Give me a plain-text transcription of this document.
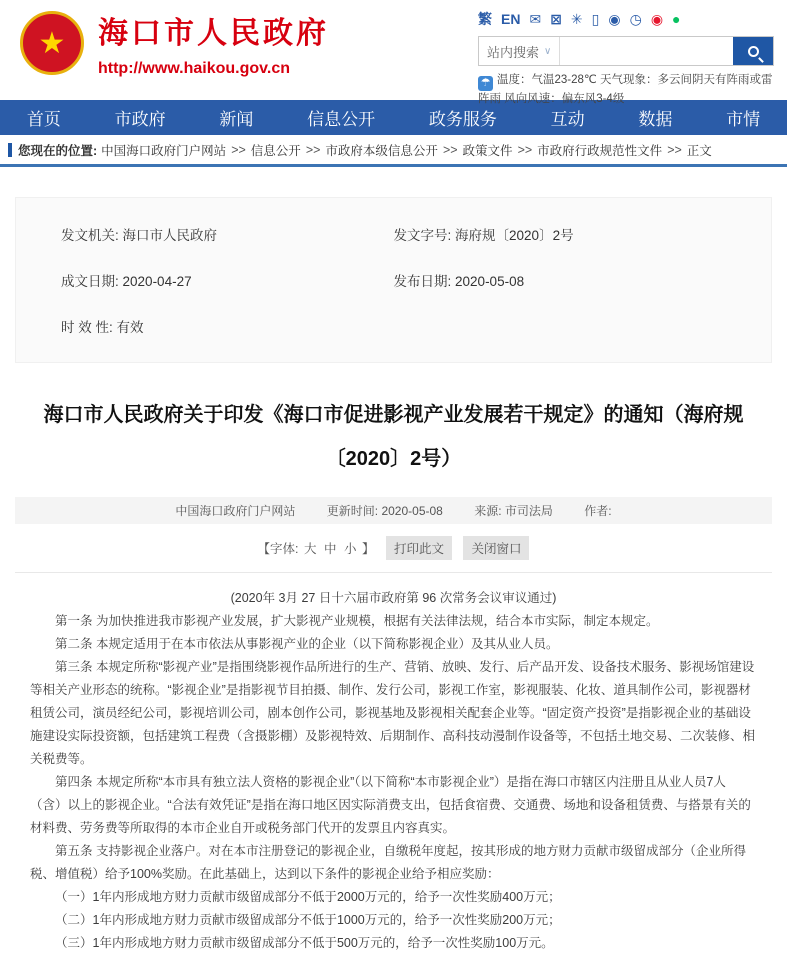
★	海口市人民政府
http://www.haikou.gov.cn
繁 EN ✉ ⊠ ✳ ▯ ◉ ◷ ◉ ●
站内搜索 ∨
☂ 温度：气温23-28℃ 天气现象：多云间阴天有阵雨或雷阵雨 风向风速：偏东风3-4级
首页	市政府	新闻	信息公开	政务服务	互动	数据	市情
您现在的位置: 中国海口政府门户网站 >> 信息公开 >> 市政府本级信息公开 >> 政策文件 >> 市政府行政规范性文件 >> 正文
发文机关: 海口市人民政府	发文字号: 海府规〔2020〕2号
成文日期: 2020-04-27	发布日期: 2020-05-08
时 效 性: 有效
海口市人民政府关于印发《海口市促进影视产业发展若干规定》的通知（海府规〔2020〕2号）
中国海口政府门户网站	更新时间: 2020-05-08	来源: 市司法局	作者:
【字体: 大 中 小 】 打印此文 关闭窗口

(2020年 3月 27 日十六届市政府第 96 次常务会议审议通过)

第一条 为加快推进我市影视产业发展，扩大影视产业规模，根据有关法律法规，结合本市实际，制定本规定。

第二条 本规定适用于在本市依法从事影视产业的企业（以下简称影视企业）及其从业人员。

第三条 本规定所称“影视产业”是指围绕影视作品所进行的生产、营销、放映、发行、后产品开发、设备技术服务、影视场馆建设等相关产业形态的统称。“影视企业”是指影视节目拍摄、制作、发行公司，影视工作室，影视服装、化妆、道具制作公司，影视器材租赁公司，演员经纪公司，影视培训公司，剧本创作公司，影视基地及影视相关配套企业等。“固定资产投资”是指影视企业的基础设施建设实际投资额，包括建筑工程费（含摄影棚）及影视特效、后期制作、高科技动漫制作设备等，不包括土地交易、二次装修、相关税费等。

第四条 本规定所称“本市具有独立法人资格的影视企业”（以下简称“本市影视企业”）是指在海口市辖区内注册且从业人员7人（含）以上的影视企业。“合法有效凭证”是指在海口地区因实际消费支出，包括食宿费、交通费、场地和设备租赁费、与搭景有关的材料费、劳务费等所取得的本市企业自开或税务部门代开的发票且内容真实。

第五条 支持影视企业落户。对在本市注册登记的影视企业，自缴税年度起，按其形成的地方财力贡献市级留成部分（企业所得税、增值税）给予100%奖励。在此基础上，达到以下条件的影视企业给予相应奖励：

（一）1年内形成地方财力贡献市级留成部分不低于2000万元的，给予一次性奖励400万元；

（二）1年内形成地方财力贡献市级留成部分不低于1000万元的，给予一次性奖励200万元；

（三）1年内形成地方财力贡献市级留成部分不低于500万元的，给予一次性奖励100万元。
